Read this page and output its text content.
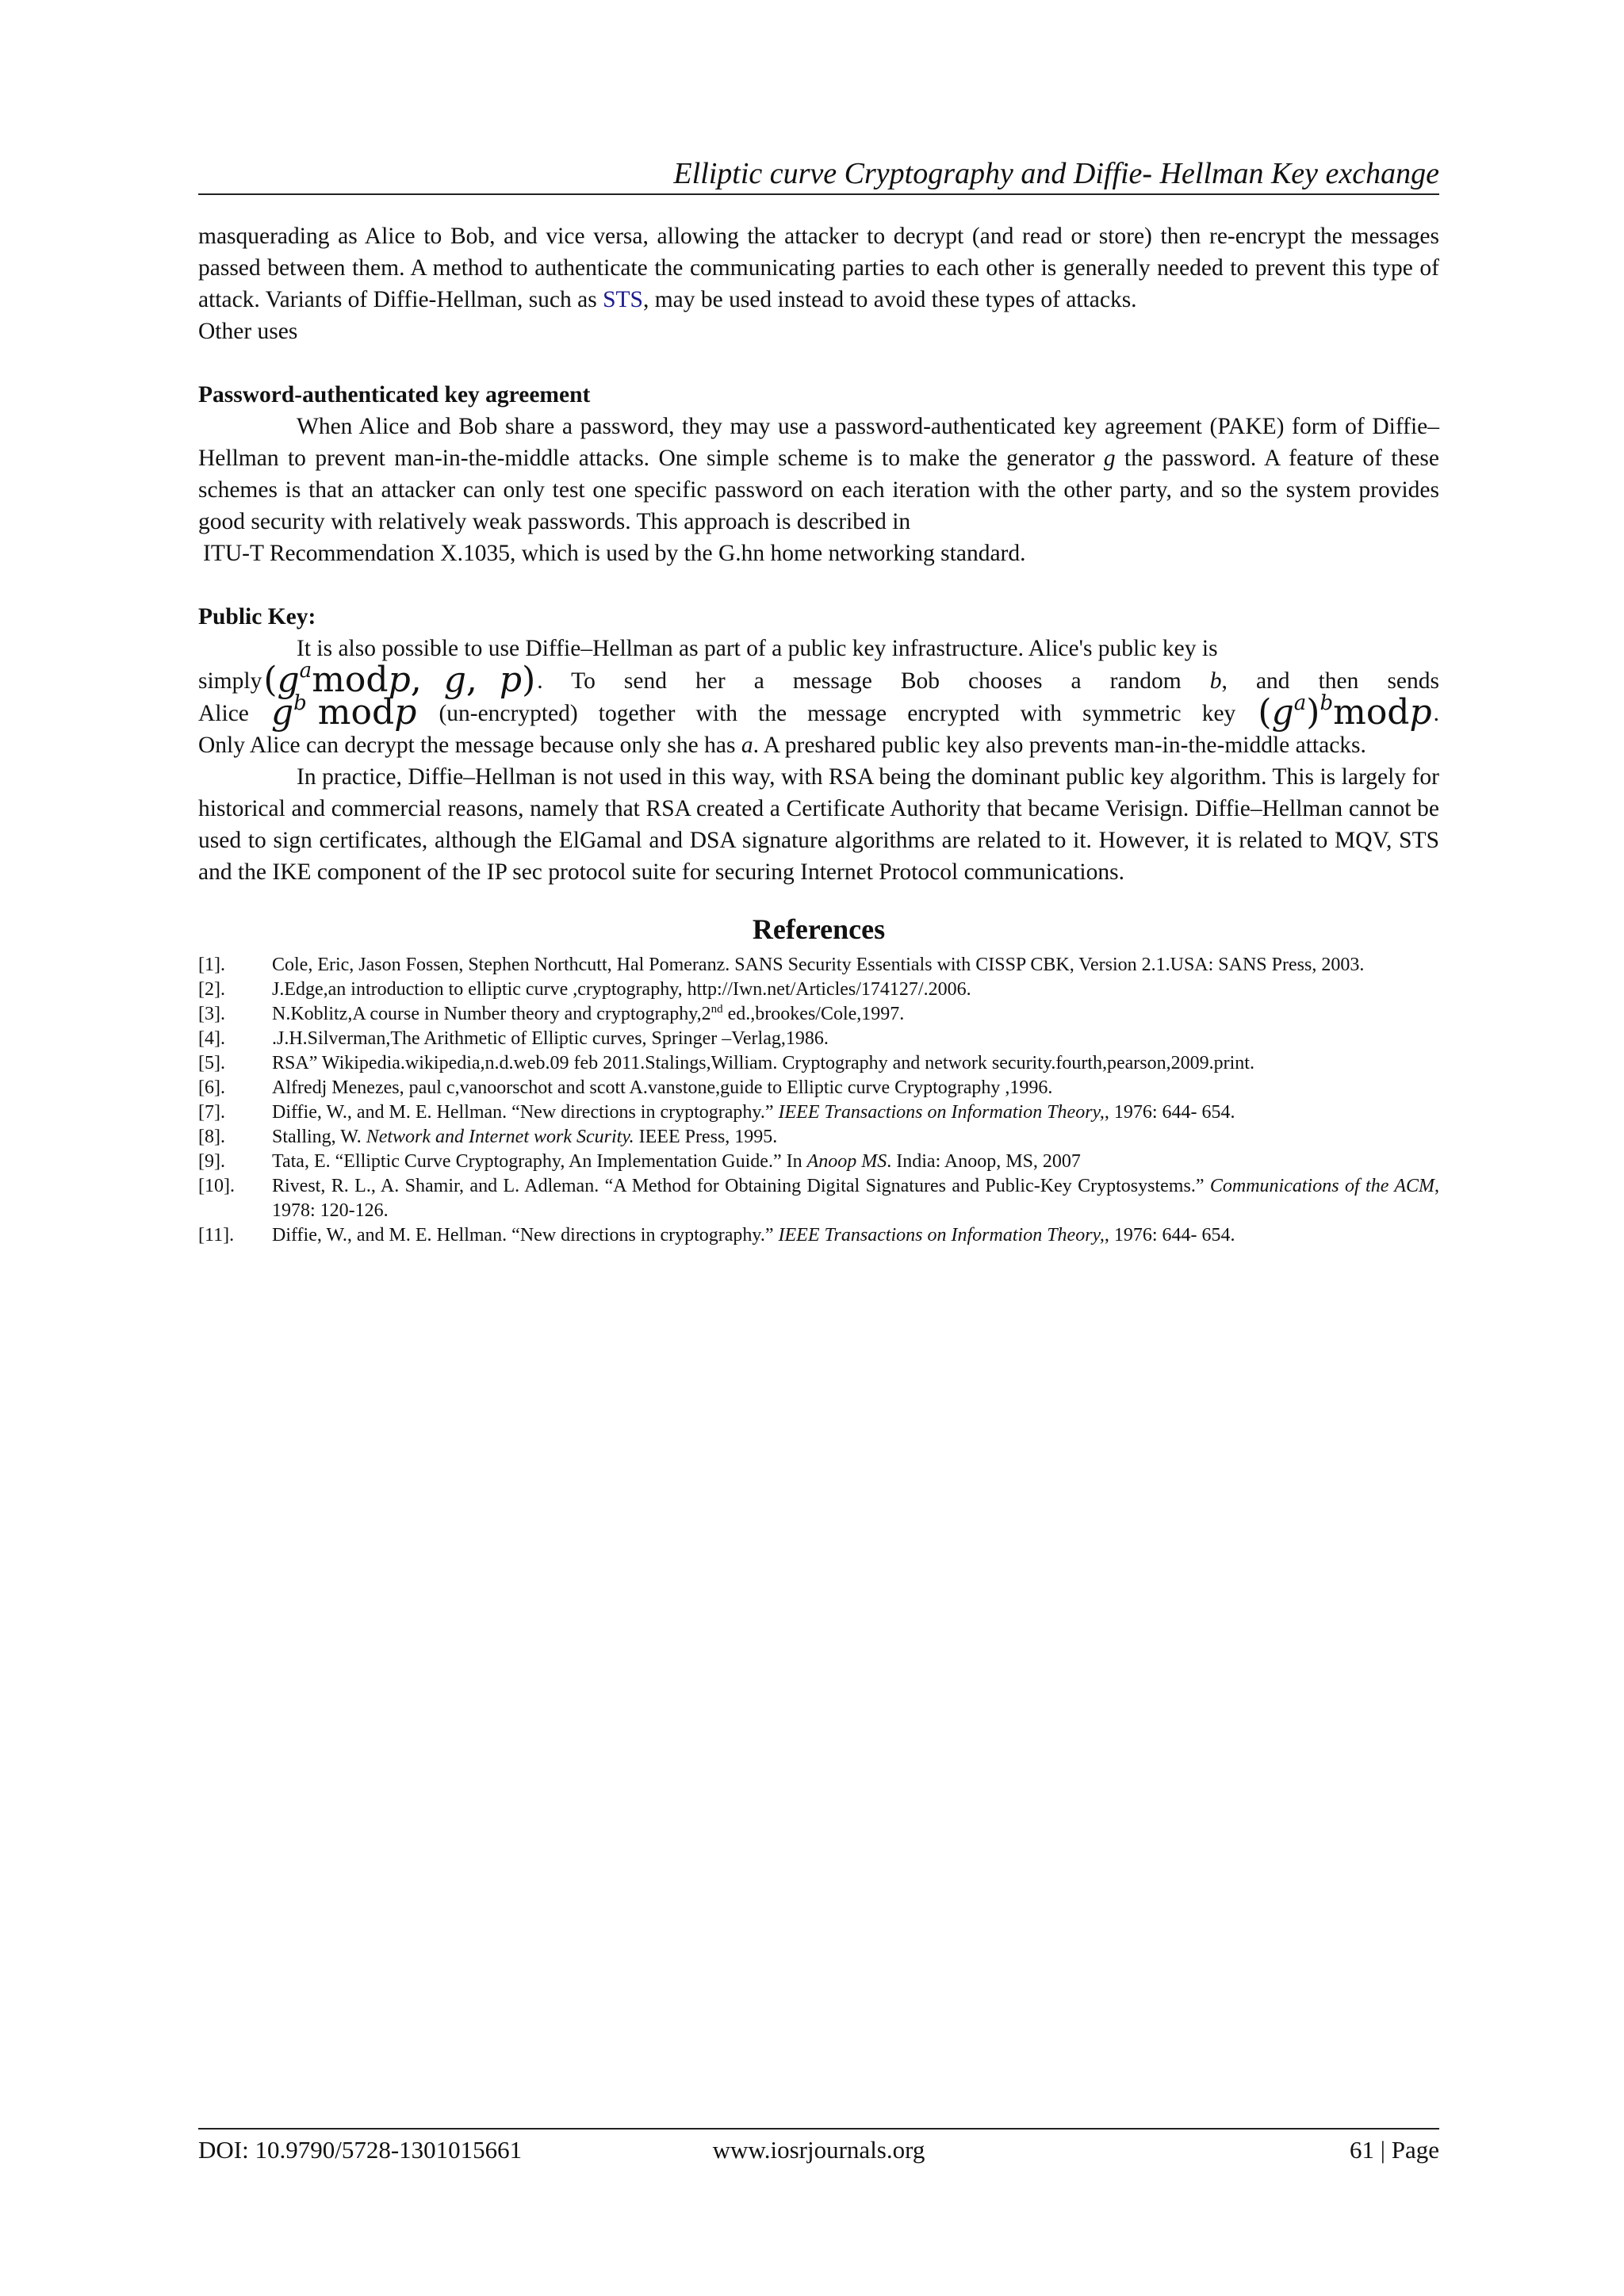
Elliptic curve Cryptography and Diffie- Hellman Key exchange

masquerading as Alice to Bob, and vice versa, allowing the attacker to decrypt (and read or store) then re-encrypt the messages passed between them. A method to authenticate the communicating parties to each other is generally needed to prevent this type of attack. Variants of Diffie-Hellman, such as STS, may be used instead to avoid these types of attacks.

Other uses

Password-authenticated key agreement

When Alice and Bob share a password, they may use a password-authenticated key agreement (PAKE) form of Diffie–Hellman to prevent man-in-the-middle attacks. One simple scheme is to make the generator g the password. A feature of these schemes is that an attacker can only test one specific password on each iteration with the other party, and so the system provides good security with relatively weak passwords. This approach is described in

ITU-T Recommendation X.1035, which is used by the G.hn home networking standard.

Public Key:

It is also possible to use Diffie–Hellman as part of a public key infrastructure. Alice's public key is

$simply(g^amodp$, g, p). To send her a message Bob chooses a random b, and then sends

Alice $g^b$ modp (un-encrypted) together with the message encrypted with symmetric key $(g^a)^bmodp$.

Only Alice can decrypt the message because only she has a. A preshared public key also prevents man-in-the-middle attacks.

In practice, Diffie–Hellman is not used in this way, with RSA being the dominant public key algorithm. This is largely for historical and commercial reasons, namely that RSA created a Certificate Authority that became Verisign. Diffie–Hellman cannot be used to sign certificates, although the ElGamal and DSA signature algorithms are related to it. However, it is related to MQV, STS and the IKE component of the IP sec protocol suite for securing Internet Protocol communications.

References
[1].	Cole, Eric, Jason Fossen, Stephen Northcutt, Hal Pomeranz. SANS Security Essentials with CISSP CBK, Version 2.1.USA: SANS Press, 2003.
[2].	J.Edge,an introduction to elliptic curve ,cryptography, http://Iwn.net/Articles/174127/.2006.
[3].	N.Koblitz,A course in Number theory and cryptography,2nd ed.,brookes/Cole,1997.
[4].	.J.H.Silverman,The Arithmetic of Elliptic curves, Springer –Verlag,1986.
[5].	RSA” Wikipedia.wikipedia,n.d.web.09 feb 2011.Stalings,William. Cryptography and network security.fourth,pearson,2009.print.
[6].	Alfredj Menezes, paul c,vanoorschot and scott A.vanstone,guide to Elliptic curve Cryptography ,1996.
[7].	Diffie, W., and M. E. Hellman. “New directions in cryptography.” IEEE Transactions on Information Theory,, 1976: 644- 654.
[8].	Stalling, W. Network and Internet work Scurity. IEEE Press, 1995.
[9].	Tata, E. “Elliptic Curve Cryptography, An Implementation Guide.” In Anoop MS. India: Anoop, MS, 2007
[10].	Rivest, R. L., A. Shamir, and L. Adleman. “A Method for Obtaining Digital Signatures and Public-Key Cryptosystems.” Communications of the ACM, 1978: 120-126.
[11].	Diffie, W., and M. E. Hellman. “New directions in cryptography.” IEEE Transactions on Information Theory,, 1976: 644- 654.
DOI: 10.9790/5728-1301015661	www.iosrjournals.org	61 | Page
